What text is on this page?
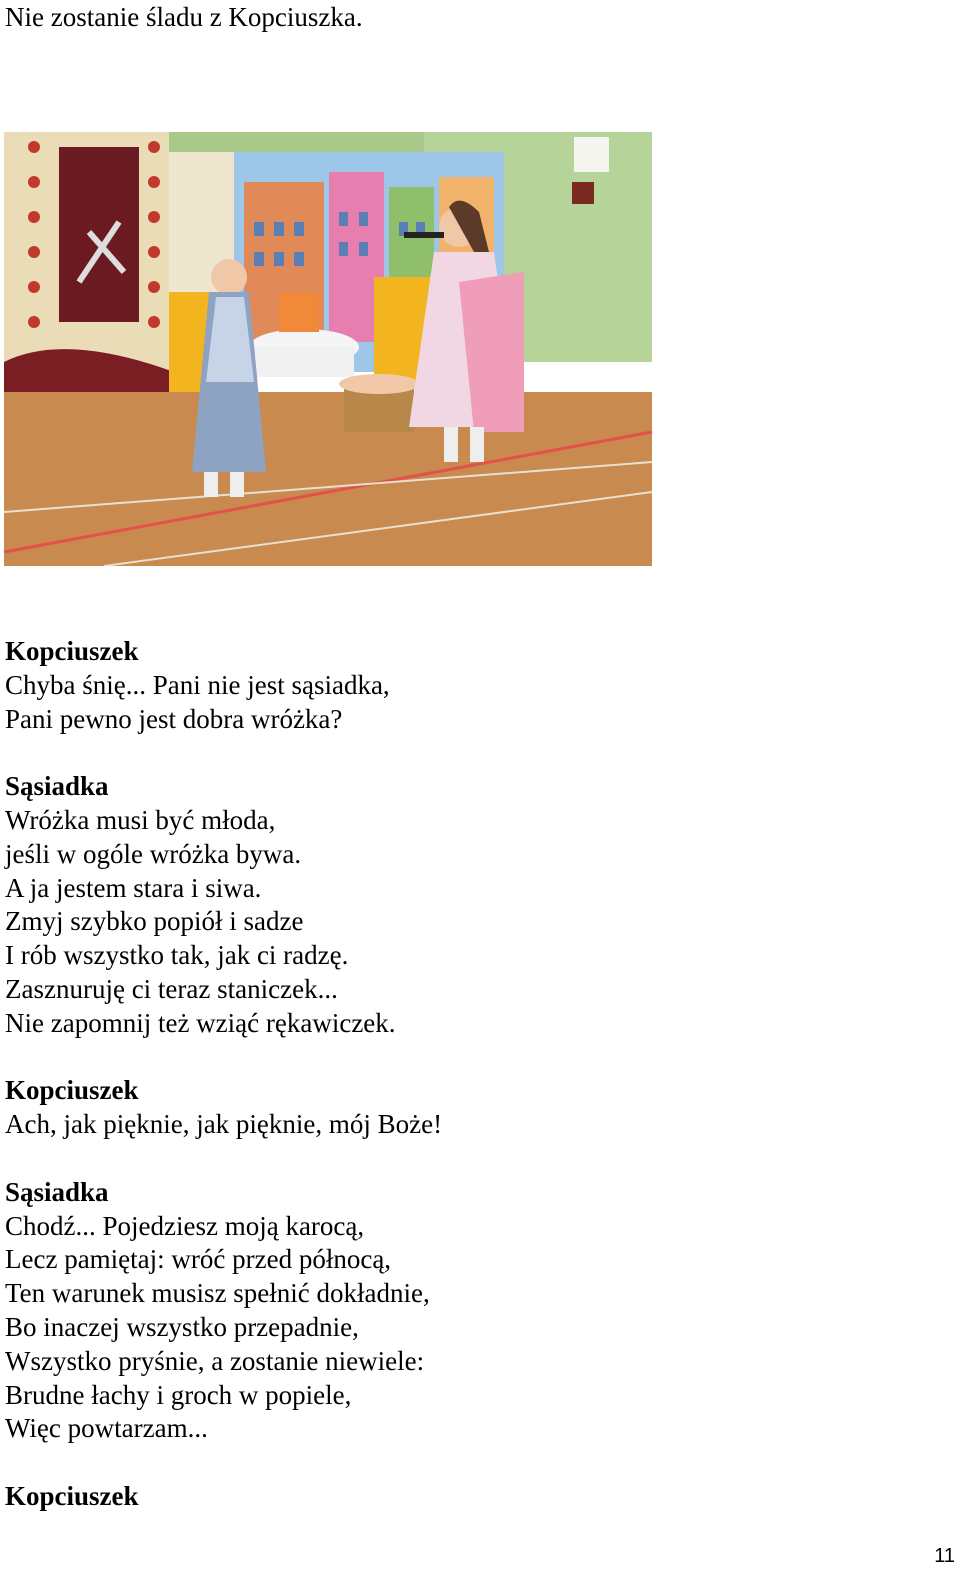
Nie zostanie śladu z Kopciuszka.
Kopciuszek
Chyba śnię... Pani nie jest sąsiadka,
Pani pewno jest dobra wróżka?
Sąsiadka
Wróżka musi być młoda,
jeśli w ogóle wróżka bywa.
A ja jestem stara i siwa.
Zmyj szybko popiół i sadze
I rób wszystko tak, jak ci radzę.
Zasznuruję ci teraz staniczek...
Nie zapomnij też wziąć rękawiczek.
Kopciuszek
Ach, jak pięknie, jak pięknie, mój Boże!
Sąsiadka
Chodź... Pojedziesz moją karocą,
Lecz pamiętaj: wróć przed północą,
Ten warunek musisz spełnić dokładnie,
Bo inaczej wszystko przepadnie,
Wszystko pryśnie, a zostanie niewiele:
Brudne łachy i groch w popiele,
Więc powtarzam...
Kopciuszek
11
